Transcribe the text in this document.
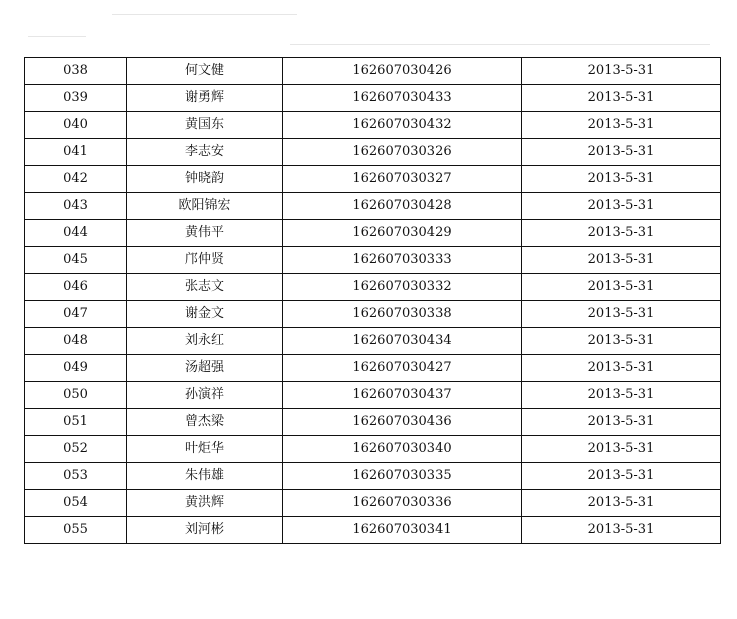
038	何文健	162607030426	2013-5-31
039	谢勇辉	162607030433	2013-5-31
040	黄国东	162607030432	2013-5-31
041	李志安	162607030326	2013-5-31
042	钟晓韵	162607030327	2013-5-31
043	欧阳锦宏	162607030428	2013-5-31
044	黄伟平	162607030429	2013-5-31
045	邝仲贤	162607030333	2013-5-31
046	张志文	162607030332	2013-5-31
047	谢金文	162607030338	2013-5-31
048	刘永红	162607030434	2013-5-31
049	汤超强	162607030427	2013-5-31
050	孙演祥	162607030437	2013-5-31
051	曾杰梁	162607030436	2013-5-31
052	叶炬华	162607030340	2013-5-31
053	朱伟雄	162607030335	2013-5-31
054	黄洪辉	162607030336	2013-5-31
055	刘河彬	162607030341	2013-5-31
